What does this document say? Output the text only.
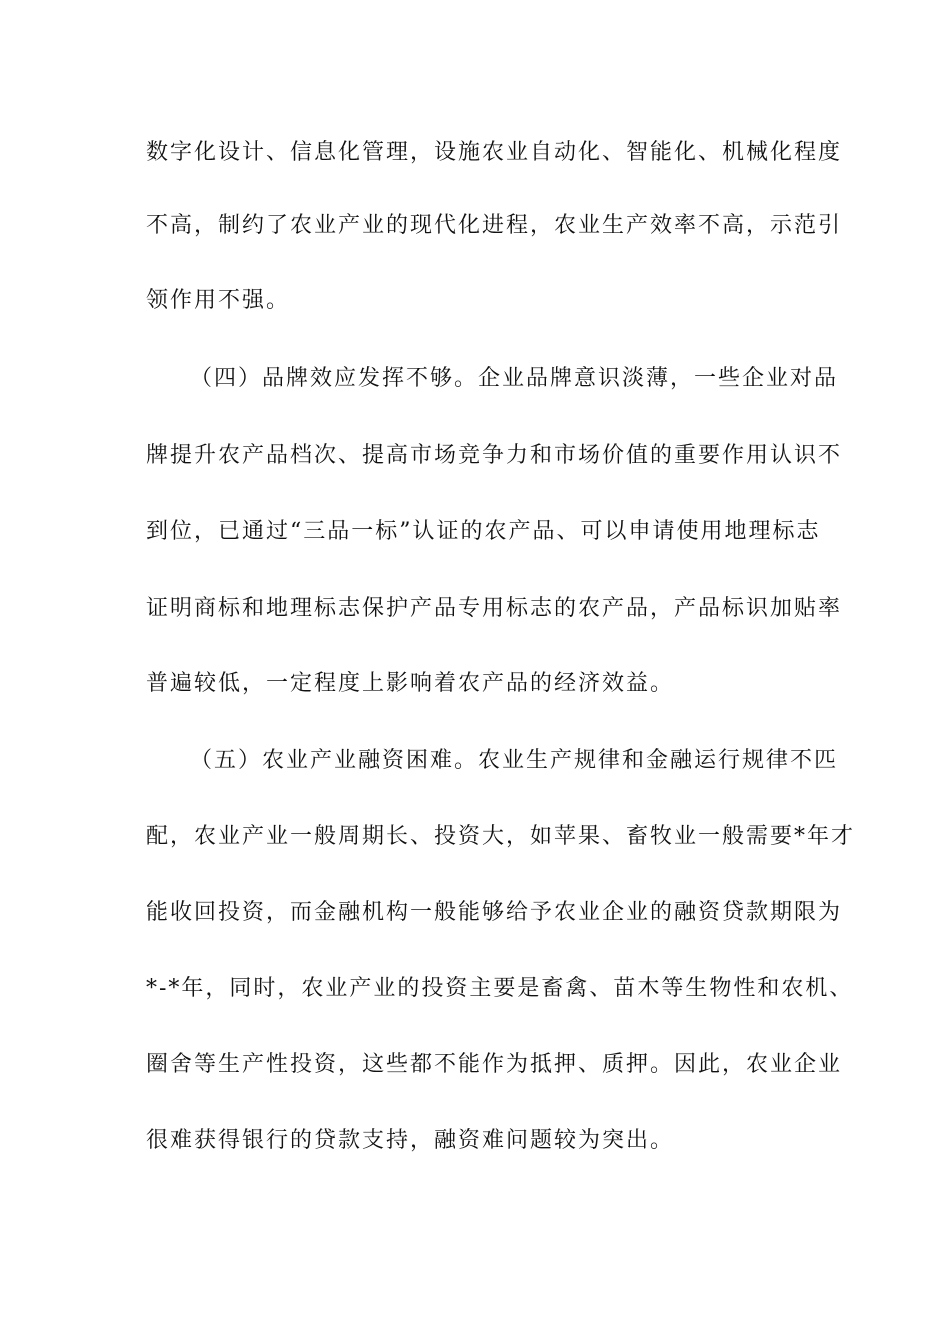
数字化设计、信息化管理，设施农业自动化、智能化、机械化程度
不高，制约了农业产业的现代化进程，农业生产效率不高，示范引
领作用不强。
（四）品牌效应发挥不够。企业品牌意识淡薄，一些企业对品
牌提升农产品档次、提高市场竞争力和市场价值的重要作用认识不
到位，已通过“三品一标”认证的农产品、可以申请使用地理标志
证明商标和地理标志保护产品专用标志的农产品，产品标识加贴率
普遍较低，一定程度上影响着农产品的经济效益。
（五）农业产业融资困难。农业生产规律和金融运行规律不匹
配，农业产业一般周期长、投资大，如苹果、畜牧业一般需要*年才
能收回投资，而金融机构一般能够给予农业企业的融资贷款期限为
*-*年，同时，农业产业的投资主要是畜禽、苗木等生物性和农机、
圈舍等生产性投资，这些都不能作为抵押、质押。因此，农业企业
很难获得银行的贷款支持，融资难问题较为突出。
